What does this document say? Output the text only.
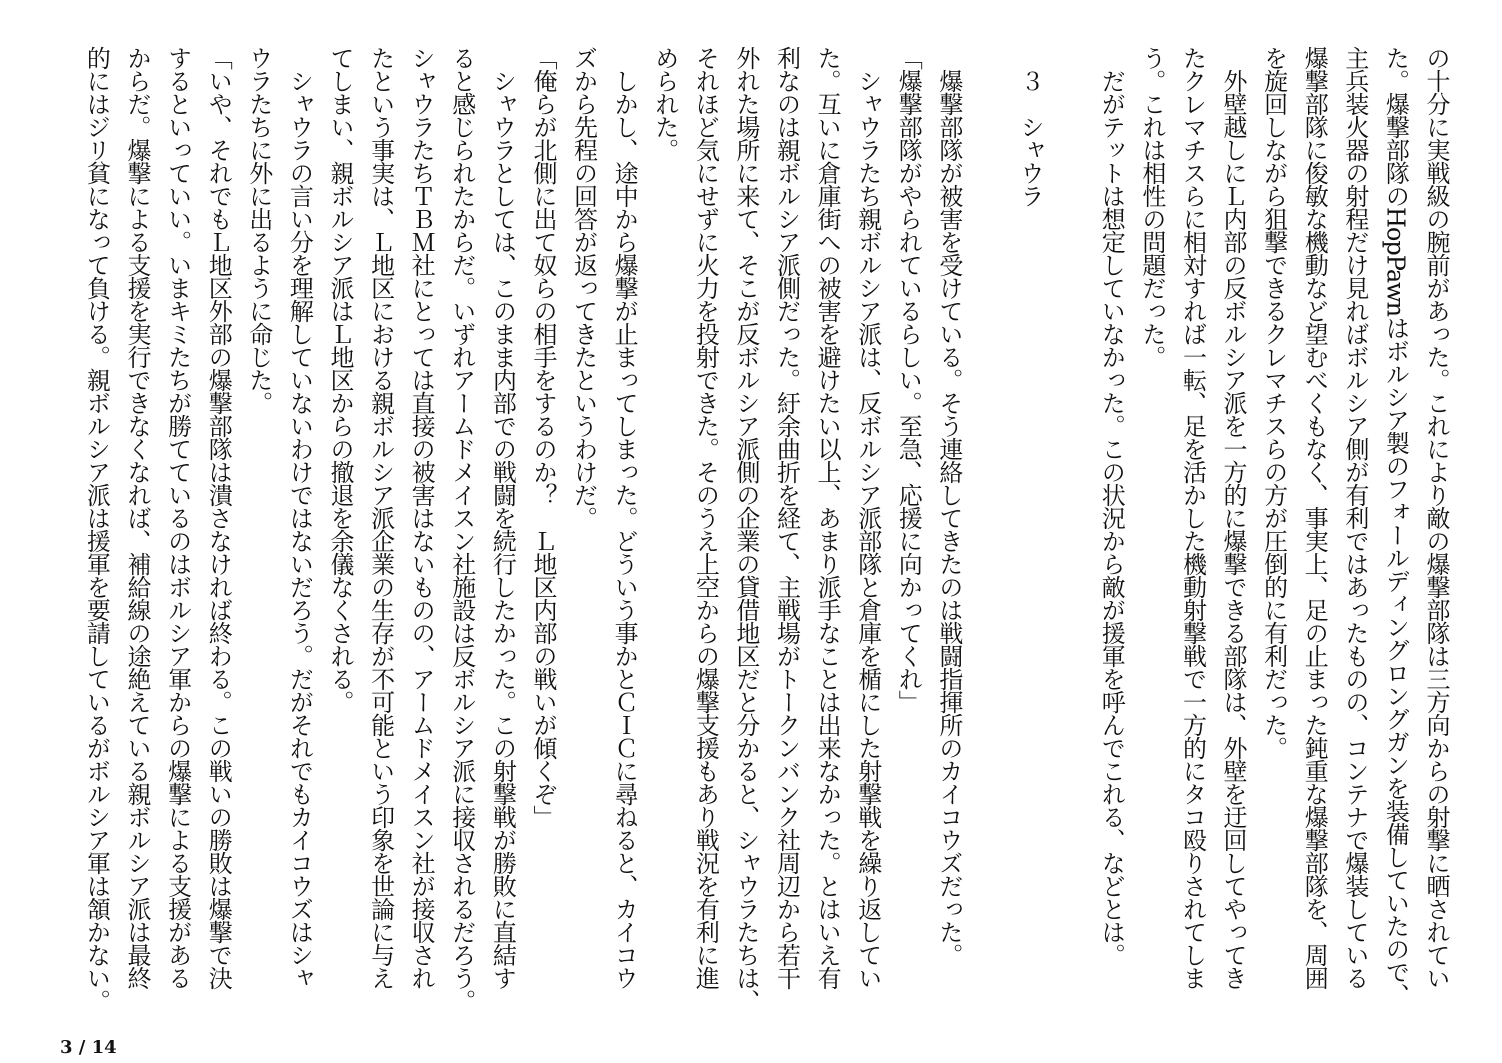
の十分に実戦級の腕前があった。これにより敵の爆撃部隊は三方向からの射撃に晒されてい
た。爆撃部隊のHopPawnはボルシア製のフォールディングロングガンを装備していたので、
主兵装火器の射程だけ見ればボルシア側が有利ではあったものの、コンテナで爆装している
爆撃部隊に俊敏な機動など望むべくもなく、事実上、足の止まった鈍重な爆撃部隊を、周囲
を旋回しながら狙撃できるクレマチスらの方が圧倒的に有利だった。
　外壁越しにＬ内部の反ボルシア派を一方的に爆撃できる部隊は、外壁を迂回してやってき
たクレマチスらに相対すれば一転、足を活かした機動射撃戦で一方的にタコ殴りされてしま
う。これは相性の問題だった。
　だがテットは想定していなかった。この状況から敵が援軍を呼んでこれる、などとは。
　３　シャウラ
　爆撃部隊が被害を受けている。そう連絡してきたのは戦闘指揮所のカイコウズだった。
「爆撃部隊がやられているらしい。至急、応援に向かってくれ」
　シャウラたち親ボルシア派は、反ボルシア派部隊と倉庫を楯にした射撃戦を繰り返してい
た。互いに倉庫街への被害を避けたい以上、あまり派手なことは出来なかった。とはいえ有
利なのは親ボルシア派側だった。紆余曲折を経て、主戦場がトークンバンク社周辺から若干
外れた場所に来て、そこが反ボルシア派側の企業の貸借地区だと分かると、シャウラたちは、
それほど気にせずに火力を投射できた。そのうえ上空からの爆撃支援もあり戦況を有利に進
められた。
　しかし、途中から爆撃が止まってしまった。どういう事かとＣＩＣに尋ねると、カイコウ
ズから先程の回答が返ってきたというわけだ。
「俺らが北側に出て奴らの相手をするのか？　Ｌ地区内部の戦いが傾くぞ」
　シャウラとしては、このまま内部での戦闘を続行したかった。この射撃戦が勝敗に直結す
ると感じられたからだ。いずれアームドメイスン社施設は反ボルシア派に接収されるだろう。
シャウラたちＴＢＭ社にとっては直接の被害はないものの、アームドメイスン社が接収され
たという事実は、Ｌ地区における親ボルシア派企業の生存が不可能という印象を世論に与え
てしまい、親ボルシア派はＬ地区からの撤退を余儀なくされる。
　シャウラの言い分を理解していないわけではないだろう。だがそれでもカイコウズはシャ
ウラたちに外に出るように命じた。
「いや、それでもＬ地区外部の爆撃部隊は潰さなければ終わる。この戦いの勝敗は爆撃で決
するといっていい。いまキミたちが勝てているのはボルシア軍からの爆撃による支援がある
からだ。爆撃による支援を実行できなくなれば、補給線の途絶えている親ボルシア派は最終
的にはジリ貧になって負ける。親ボルシア派は援軍を要請しているがボルシア軍は頷かない。
3 / 14
